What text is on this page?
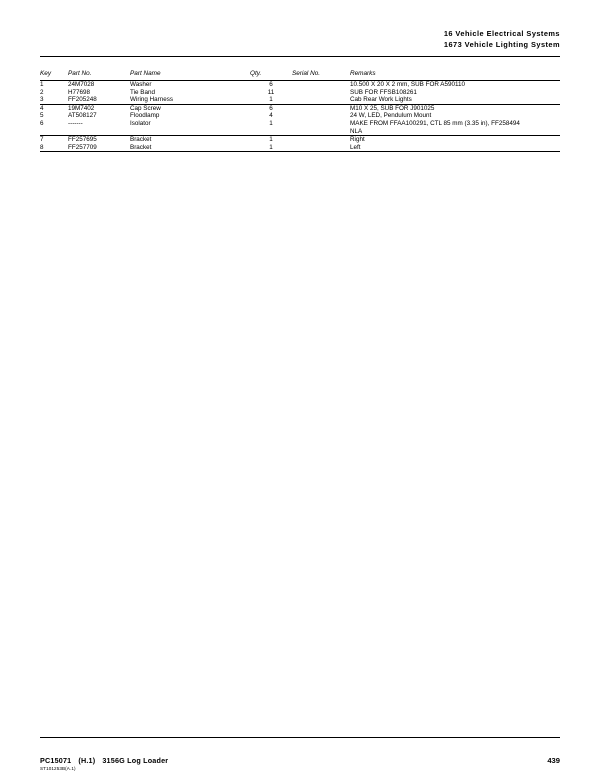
16 Vehicle Electrical Systems
1673 Vehicle Lighting System
Key	Part No.	Part Name	Qty.	Serial No.	Remarks

1	24M7028	Washer	6		10.500 X 20 X 2 mm, SUB FOR A590110
2	H77698	Tie Band	11		SUB FOR FFSB108261
3	FF205248	Wiring Harness	1		Cab Rear Work Lights

4	19M7402	Cap Screw	6		M10 X 25, SUB FOR J901025
5	AT508127	Floodlamp	4		24 W, LED, Pendulum Mount
6	-------	Isolator	1		MAKE FROM FFAA100291, CTL 85 mm (3.35 in), FF258494
NLA

7	FF257695	Bracket	1		Right
8	FF257709	Bracket	1		Left

PC15071 (H.1) 3156G Log Loader
ST101253B(A.1)
439
